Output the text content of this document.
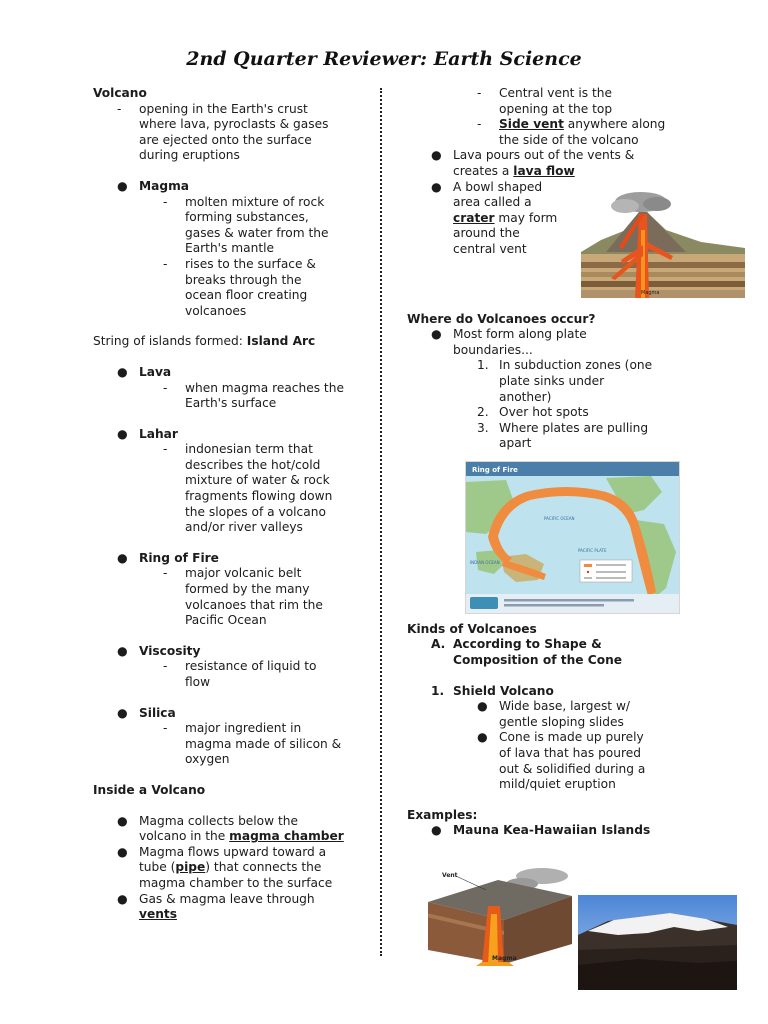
2nd Quarter Reviewer: Earth Science
Volcano
- opening in the Earth's crust
where lava, pyroclasts & gases
are ejected onto the surface
during eruptions
● Magma
- molten mixture of rock
forming substances,
gases & water from the
Earth's mantle
- rises to the surface &
breaks through the
ocean floor creating
volcanoes
String of islands formed: Island Arc
● Lava
- when magma reaches the
Earth's surface
● Lahar
- indonesian term that
describes the hot/cold
mixture of water & rock
fragments flowing down
the slopes of a volcano
and/or river valleys
● Ring of Fire
- major volcanic belt
formed by the many
volcanoes that rim the
Pacific Ocean
● Viscosity
- resistance of liquid to
flow
● Silica
- major ingredient in
magma made of silicon &
oxygen
Inside a Volcano
● Magma collects below the
volcano in the magma chamber
● Magma flows upward toward a
tube (pipe) that connects the
magma chamber to the surface
● Gas & magma leave through
vents
- Central vent is the
opening at the top
- Side vent anywhere along
the side of the volcano
● Lava pours out of the vents &
creates a lava flow
● A bowl shaped
area called a
crater may form
around the
central vent
Where do Volcanoes occur?
● Most form along plate
boundaries...
1. In subduction zones (one
plate sinks under
another)
2. Over hot spots
3. Where plates are pulling
apart
Kinds of Volcanoes
A. According to Shape &
Composition of the Cone
1. Shield Volcano
● Wide base, largest w/
gentle sloping slides
● Cone is made up purely
of lava that has poured
out & solidified during a
mild/quiet eruption
Examples:
● Mauna Kea-Hawaiian Islands
Magma
Ring of Fire
PACIFIC OCEAN
PACIFIC PLATE
INDIAN OCEAN
Vent
Magma
